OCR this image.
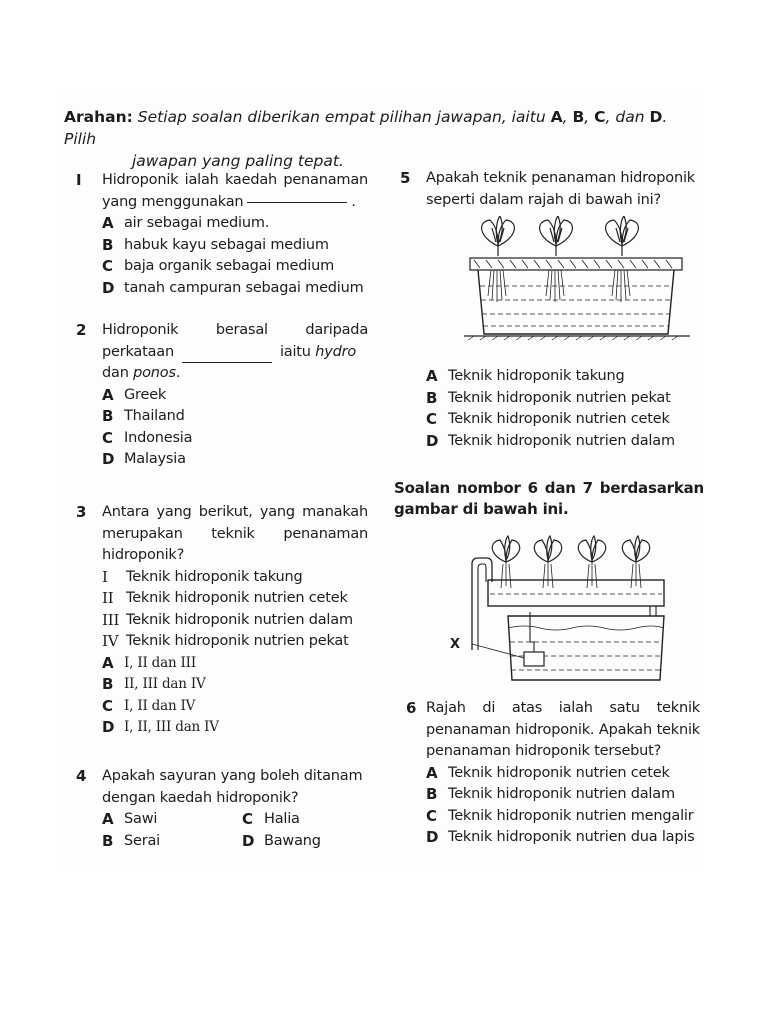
Arahan: Setiap soalan diberikan empat pilihan jawapan, iaitu A, B, C, dan D. Pilih
jawapan yang paling tepat.
I Hidroponik ialah kaedah penanaman
yang menggunakan	.
A air sebagai medium.
B habuk kayu sebagai medium
C baja organik sebagai medium
D tanah campuran sebagai medium
2 Hidroponik berasal daripada
perkataan	iaitu
hydro
dan ponos.
A Greek
B Thailand
C Indonesia
D Malaysia
3 Antara yang berikut, yang manakah
merupakan teknik penanaman
hidroponik?
I	Teknik hidroponik takung
II Teknik hidroponik nutrien cetek
III Teknik hidroponik nutrien dalam
IV Teknik hidroponik nutrien pekat
A I, II dan III
B II, III dan IV
C I, II dan IV
D I, II, III dan IV
4 Apakah sayuran yang boleh ditanam
dengan kaedah hidroponik?
A Sawi	C Halia
B Serai	D Bawang
5 Apakah teknik penanaman hidroponik
seperti dalam rajah di bawah ini?
A Teknik hidroponik takung
B Teknik hidroponik nutrien pekat
C Teknik hidroponik nutrien cetek
D Teknik hidroponik nutrien dalam
Soalan nombor 6 dan 7 berdasarkan
gambar di bawah ini.
6 Rajah di atas ialah satu teknik
penanaman hidroponik. Apakah teknik
penanaman hidroponik tersebut?
A Teknik hidroponik nutrien cetek
B Teknik hidroponik nutrien dalam
C Teknik hidroponik nutrien mengalir
D Teknik hidroponik nutrien dua lapis
X
